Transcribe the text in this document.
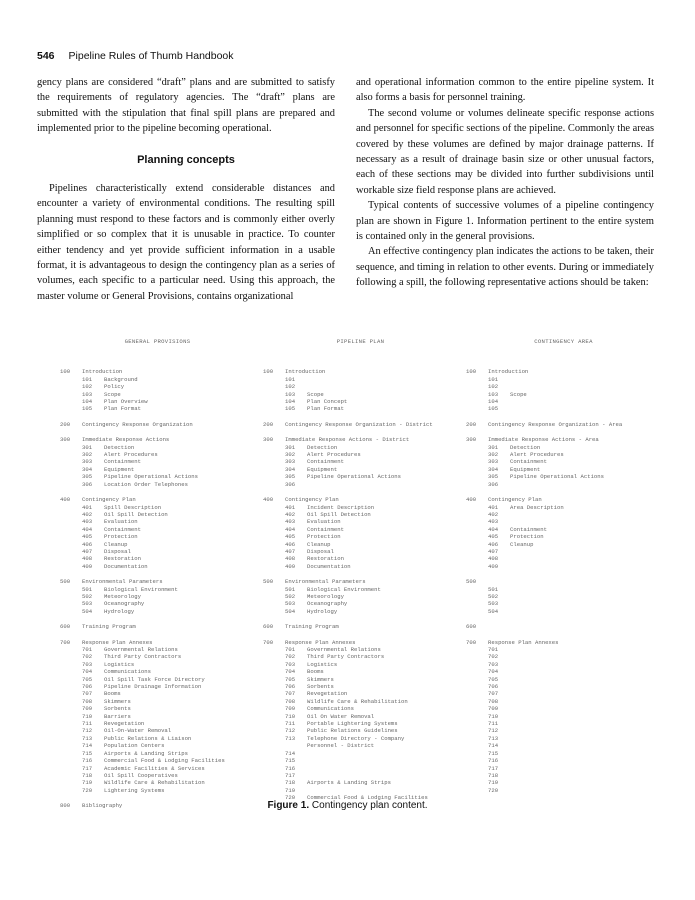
546 Pipeline Rules of Thumb Handbook

gency plans are considered “draft” plans and are submitted to satisfy the requirements of regulatory agencies. The “draft” plans are submitted with the stipulation that final spill plans are prepared and implemented prior to the pipeline becoming operational.

Planning concepts

Pipelines characteristically extend considerable distances and encounter a variety of environmental conditions. The resulting spill planning must respond to these factors and is commonly either overly simplified or so complex that it is unusable in practice. To counter either tendency and yet provide sufficient information in a usable format, it is advantageous to design the contingency plan as a series of volumes, each specific to a particular need. Using this approach, the master volume or General Provisions, contains organizational

and operational information common to the entire pipeline system. It also forms a basis for personnel training.

The second volume or volumes delineate specific response actions and personnel for specific sections of the pipeline. Commonly the areas covered by these volumes are defined by major drainage patterns. If necessary as a result of drainage basin size or other unusual factors, each of these sections may be divided into further subdivisions until workable size field response plans are achieved.

Typical contents of successive volumes of a pipeline contingency plan are shown in Figure 1. Information pertinent to the entire system is contained only in the general provisions.

An effective contingency plan indicates the actions to be taken, their sequence, and timing in relation to other events. During or immediately following a spill, the following representative actions should be taken:

GENERAL PROVISIONS
100	Introduction
101	Background
102	Policy
103	Scope
104	Plan Overview
105	Plan Format
200	Contingency Response Organization
300	Immediate Response Actions
301	Detection
302	Alert Procedures
303	Containment
304	Equipment
305	Pipeline Operational Actions
306	Location Order Telephones
400	Contingency Plan
401	Spill Description
402	Oil Spill Detection
403	Evaluation
404	Containment
405	Protection
406	Cleanup
407	Disposal
408	Restoration
409	Documentation
500	Environmental Parameters
501	Biological Environment
502	Meteorology
503	Oceanography
504	Hydrology
600	Training Program
700	Response Plan Annexes
701	Governmental Relations
702	Third Party Contractors
703	Logistics
704	Communications
705	Oil Spill Task Force Directory
706	Pipeline Drainage Information
707	Booms
708	Skimmers
709	Sorbents
710	Barriers
711	Revegetation
712	Oil-On-Water Removal
713	Public Relations & Liaison
714	Population Centers
715	Airports & Landing Strips
716	Commercial Food & Lodging Facilities
717	Academic Facilities & Services
718	Oil Spill Cooperatives
719	Wildlife Care & Rehabilitation
720	Lightering Systems
800	Bibliography
PIPELINE PLAN
100	Introduction
101
102
103	Scope
104	Plan Concept
105	Plan Format
200	Contingency Response Organization - District
300	Immediate Response Actions - District
301	Detection
302	Alert Procedures
303	Containment
304	Equipment
305	Pipeline Operational Actions
306
400	Contingency Plan
401	Incident Description
402	Oil Spill Detection
403	Evaluation
404	Containment
405	Protection
406	Cleanup
407	Disposal
408	Restoration
409	Documentation
500	Environmental Parameters
501	Biological Environment
502	Meteorology
503	Oceanography
504	Hydrology
600	Training Program
700	Response Plan Annexes
701	Governmental Relations
702	Third Party Contractors
703	Logistics
704	Booms
705	Skimmers
706	Sorbents
707	Revegetation
708	Wildlife Care & Rehabilitation
709	Communications
710	Oil On Water Removal
711	Portable Lightering Systems
712	Public Relations Guidelines
713	Telephone Directory - Company
Personnel - District
714
715
716
717
718	Airports & Landing Strips
719
720	Commercial Food & Lodging Facilities
CONTINGENCY AREA
100	Introduction
101
102
103	Scope
104
105
200	Contingency Response Organization - Area
300	Immediate Response Actions - Area
301	Detection
302	Alert Procedures
303	Containment
304	Equipment
305	Pipeline Operational Actions
306
400	Contingency Plan
401	Area Description
402
403
404	Containment
405	Protection
406	Cleanup
407
408
409
500
501
502
503
504
600
700	Response Plan Annexes
701
702
703
704
705
706
707
708
709
710
711
712
713
714
715
716
717
718
719
720
Figure 1. Contingency plan content.
